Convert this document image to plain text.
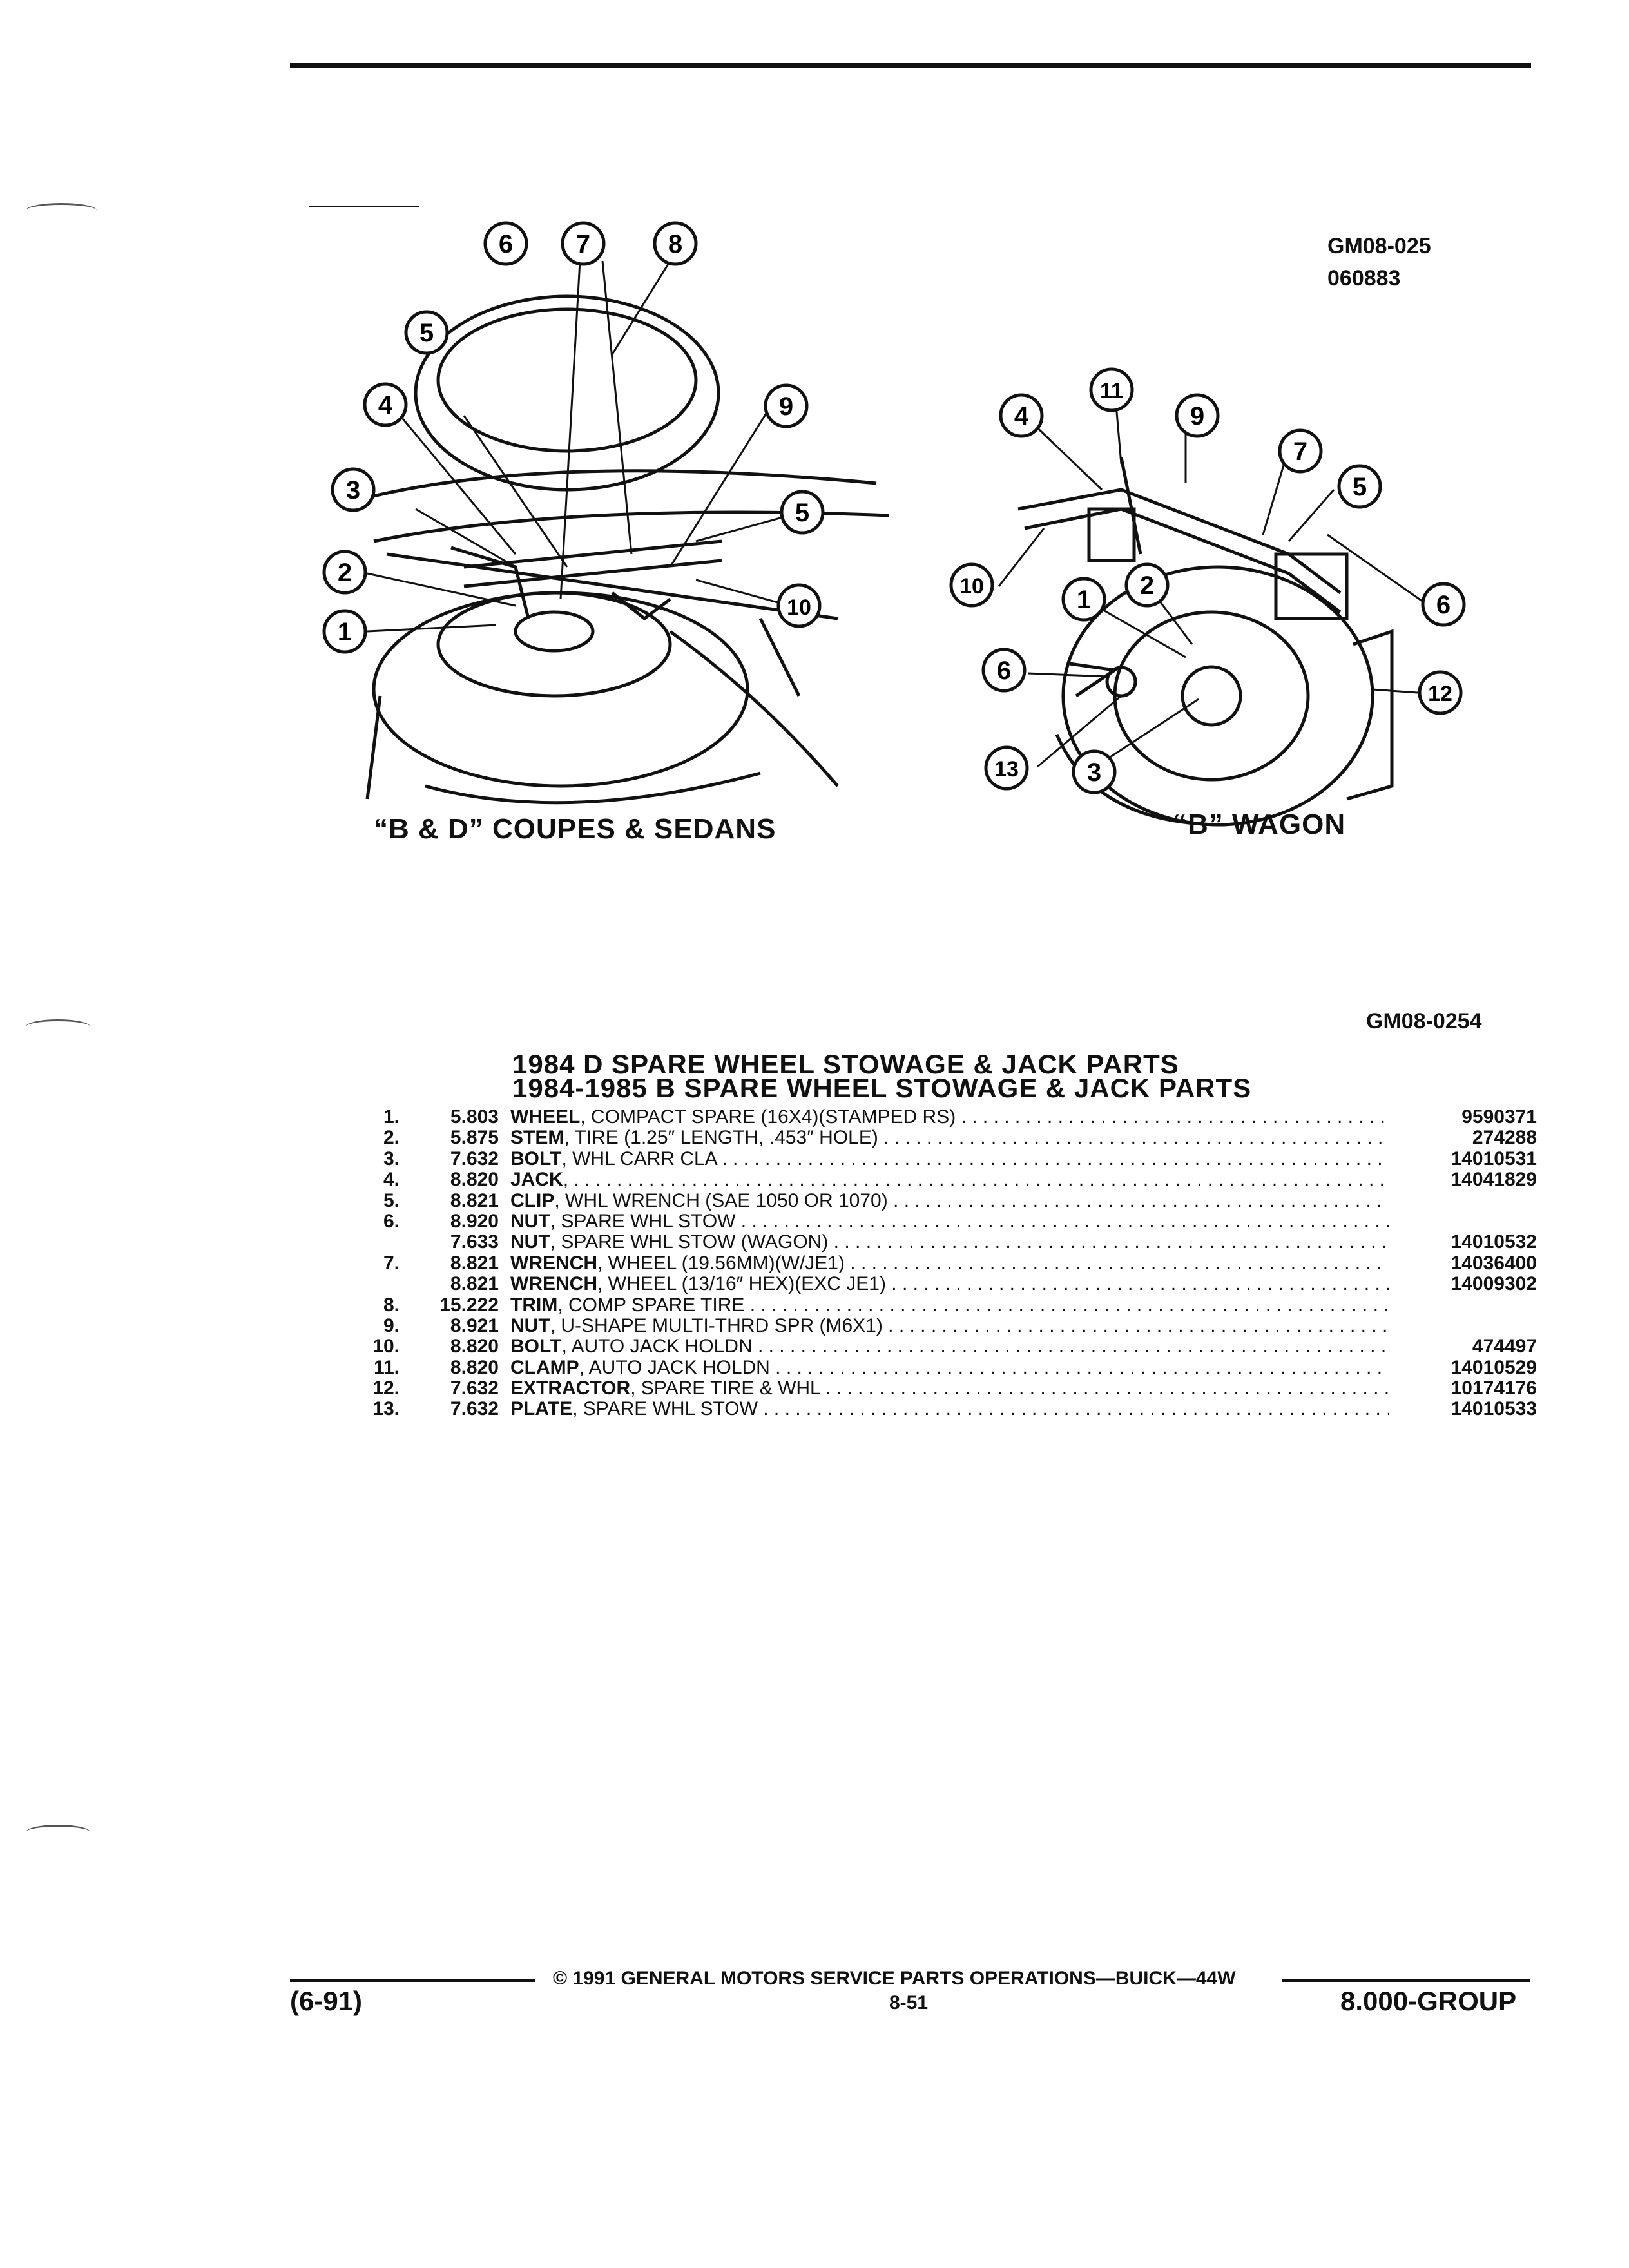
GM08-025
060883
1
2
3
4
5
6 7	8
9
5
10
“B & D” COUPES & SEDANS
4
11
9
7
5
6
10	1 2
6
12
13	3
“B” WAGON
GM08-0254
1984 D SPARE WHEEL STOWAGE & JACK PARTS
1984-1985 B SPARE WHEEL STOWAGE & JACK PARTS
1.	5.803 WHEEL, COMPACT SPARE (16X4)(STAMPED RS) . . .	9590371
2.	5.875 STEM, TIRE (1.25″ LENGTH, .453″ HOLE) . . .	274288
3.	7.632 BOLT, WHL CARR CLA . . .	14010531
4.	8.820 JACK, . . .	14041829
5.	8.821 CLIP, WHL WRENCH (SAE 1050 OR 1070) . . .
6.	8.920 NUT, SPARE WHL STOW . . .
7.633 NUT, SPARE WHL STOW (WAGON) . . .	14010532
7.	8.821 WRENCH, WHEEL (19.56MM)(W/JE1) . . .	14036400
8.821 WRENCH, WHEEL (13/16″ HEX)(EXC JE1) . . .	14009302
8.	15.222 TRIM, COMP SPARE TIRE . . .
9.	8.921 NUT, U-SHAPE MULTI-THRD SPR (M6X1) . . .
10.	8.820 BOLT, AUTO JACK HOLDN . . .	474497
11.	8.820 CLAMP, AUTO JACK HOLDN . . .	14010529
12.	7.632 EXTRACTOR, SPARE TIRE & WHL . . .	10174176
13.	7.632 PLATE, SPARE WHL STOW . . .	14010533
© 1991 GENERAL MOTORS SERVICE PARTS OPERATIONS—BUICK—44W
(6-91)	8-51	8.000-GROUP
